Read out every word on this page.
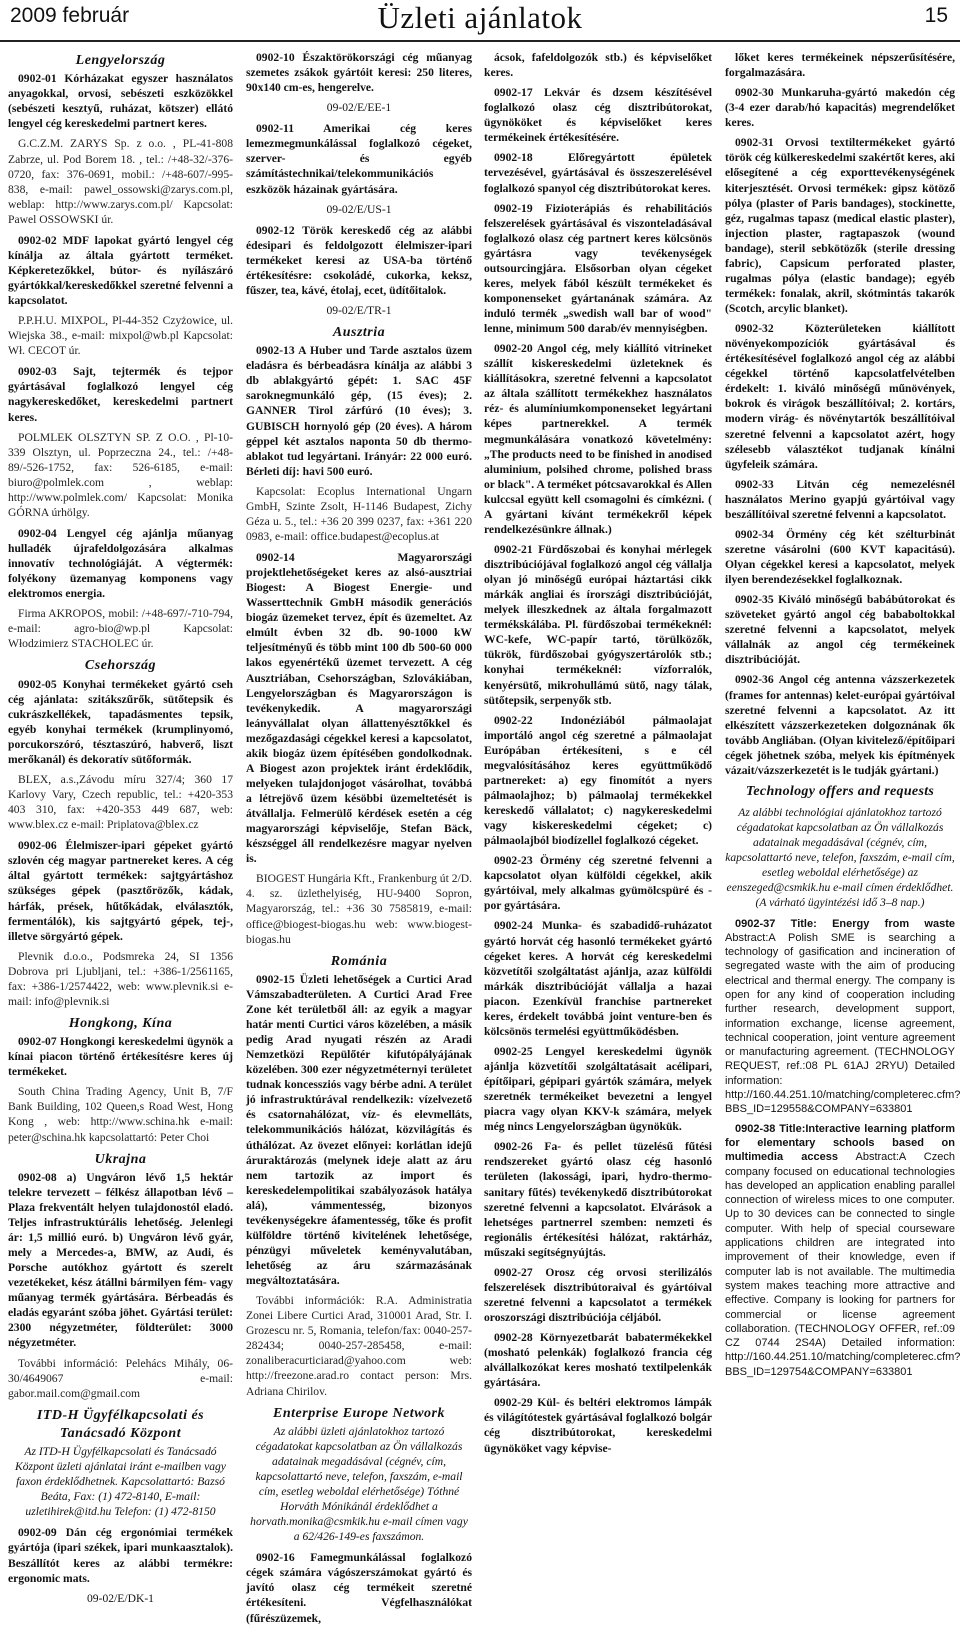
2009 február	Üzleti ajánlatok	15
Lengyelország
0902-01 Kórházakat egyszer használatos anyagokkal, orvosi, sebészeti eszközökkel (sebészeti kesztyű, ruházat, kötszer) ellátó lengyel cég kereskedelmi partnert keres.
G.C.Z.M. ZARYS Sp. z o.o. , PL-41-808 Zabrze, ul. Pod Borem 18. , tel.: /+48-32/-376-0720, fax: 376-0691, mobil.: /+48-607/-995-838, e-mail: pawel_ossowski@zarys.com.pl, weblap: http://www.zarys.com.pl/ Kapcsolat: Pawel OSSOWSKI úr.
0902-02 MDF lapokat gyártó lengyel cég kínálja az általa gyártott terméket. Képkeretezőkkel, bútor- és nyílászáró gyártókkal/kereskedőkkel szeretné felvenni a kapcsolatot.
P.P.H.U. MIXPOL, Pl-44-352 Czyżowice, ul. Wiejska 38., e-mail: mixpol@wb.pl Kapcsolat: Wł. CECOT úr.
0902-03 Sajt, tejtermék és tejpor gyártásával foglalkozó lengyel cég nagykereskedőket, kereskedelmi partnert keres.
POLMLEK OLSZTYN SP. Z O.O. , Pl-10-339 Olsztyn, ul. Poprzeczna 24., tel.: /+48-89/-526-1752, fax: 526-6185, e-mail: biuro@polmlek.com , weblap: http://www.polmlek.com/ Kapcsolat: Monika GÓRNA úrhölgy.
0902-04 Lengyel cég ajánlja műanyag hulladék újrafeldolgozására alkalmas innovatív technológiáját. A végtermék: folyékony üzemanyag komponens vagy elektromos energia.
Firma AKROPOS, mobil: /+48-697/-710-794, e-mail: agro-bio@wp.pl Kapcsolat: Włodzimierz STACHOLEC úr.
Csehország
0902-05 Konyhai termékeket gyártó cseh cég ajánlata: szitákszűrők, sütőtepsik és cukrászkellékek, tapadásmentes tepsik, egyéb konyhai termékek (krumplinyomó, porcukorszóró, tésztaszúró, habverő, liszt merőkanál) és dekoratív sütőformák.
BLEX, a.s.,Závodu míru 327/4; 360 17 Karlovy Vary, Czech republic, tel.: +420-353 403 310, fax: +420-353 449 687, web: www.blex.cz e-mail: Priplatova@blex.cz
0902-06 Élelmiszer-ipari gépeket gyártó szlovén cég magyar partnereket keres. A cég által gyártott termékek: sajtgyártáshoz szükséges gépek (pasztőrözők, kádak, hárfák, prések, hűtőkádak, elválasztók, fermentálók), kis sajtgyártó gépek, tej-, illetve sörgyártó gépek.
Plevnik d.o.o., Podsmreka 24, SI 1356 Dobrova pri Ljubljani, tel.: +386-1/2561165, fax: +386-1/2574422, web: www.plevnik.si e-mail: info@plevnik.si
Hongkong, Kína
0902-07 Hongkongi kereskedelmi ügynök a kínai piacon történő értékesítésre keres új termékeket.
South China Trading Agency, Unit B, 7/F Bank Building, 102 Queen,s Road West, Hong Kong , web: http://www.schina.hk e-mail: peter@schina.hk kapcsolattartó: Peter Choi
Ukrajna
0902-08 a) Ungváron lévő 1,5 hektár telekre tervezett – félkész állapotban lévő – Plaza frekventált helyen tulajdonostól eladó. Teljes infrastruktúrális lehetőség. Jelenlegi ár: 1,5 millió euró. b) Ungváron lévő gyár, mely a Mercedes-a, BMW, az Audi, és Porsche autókhoz gyártott és szerelt vezetékeket, kész átállni bármilyen fém- vagy műanyag termék gyártására. Bérbeadás és eladás egyaránt szóba jöhet. Gyártási terület: 2300 négyzetméter, földterület: 3000 négyzetméter.
További információ: Pelehács Mihály, 06-30/4649067 e-mail: gabor.mail.com@gmail.com
ITD-H Ügyfélkapcsolati és Tanácsadó Központ
Az ITD-H Ügyfélkapcsolati és Tanácsadó Központ üzleti ajánlatai iránt e-mailben vagy faxon érdeklődhetnek. Kapcsolattartó: Bazsó Beáta, Fax: (1) 472-8140, E-mail: uzletihirek@itd.hu Telefon: (1) 472-8150
0902-09 Dán cég ergonómiai termékek gyártója (ipari székek, ipari munkaasztalok). Beszállítót keres az alábbi termékre: ergonomic mats.
09-02/E/DK-1
0902-10 Északtörökországi cég műanyag szemetes zsákok gyártóit keresi: 250 literes, 90x140 cm-es, hengerelve.
09-02/E/EE-1
0902-11 Amerikai cég keres lemezmegmunkálással foglalkozó cégeket, szerver- és egyéb számítástechnikai/telekommunikációs eszközök házainak gyártására.
09-02/E/US-1
0902-12 Török kereskedő cég az alábbi édesipari és feldolgozott élelmiszer-ipari termékeket keresi az USA-ba történő értékesítésre: csokoládé, cukorka, keksz, fűszer, tea, kávé, étolaj, ecet, üdítőitalok.
09-02/E/TR-1
Ausztria
0902-13 A Huber und Tarde asztalos üzem eladásra és bérbeadásra kínálja az alábbi 3 db ablakgyártó gépét: 1. SAC 45F saroknegmunkáló gép, (15 éves); 2. GANNER Tirol zárfúró (10 éves); 3. GUBISCH hornyoló gép (20 éves). A három géppel két asztalos naponta 50 db thermo-ablakot tud legyártani. Irányár: 22 000 euró. Bérleti díj: havi 500 euró.
Kapcsolat: Ecoplus International Ungarn GmbH, Szinte Zsolt, H-1146 Budapest, Zichy Géza u. 5., tel.: +36 20 399 0237, fax: +361 220 0983, e-mail: office.budapest@ecoplus.at
0902-14 Magyarországi projektlehetőségeket keres az alsó-ausztriai Biogest: A Biogest Energie- und Wasserttechnik GmbH második generációs biogáz üzemeket tervez, épít és üzemeltet. Az elmúlt évben 32 db. 90-1000 kW teljesítményű és több mint 100 db 500-60 000 lakos egyenértékű üzemet tervezett. A cég Ausztriában, Csehországban, Szlovákiában, Lengyelországban és Magyarországon is tevékenykedik. A magyarországi leányvállalat olyan állattenyésztőkkel és mezőgazdasági cégekkel keresi a kapcsolatot, akik biogáz üzem építésében gondolkodnak. A Biogest azon projektek iránt érdeklődik, melyeken tulajdonjogot vásárolhat, továbbá a létrejövő üzem késöbbi üzemeltetését is átvállalja. Felmerülő kérdések esetén a cég magyarországi képviselője, Stefan Bäck, készséggel áll rendelkezésre magyar nyelven is.
BIOGEST Hungária Kft., Frankenburg út 2/D. 4. sz. üzlethelyiség, HU-9400 Sopron, Magyarország, tel.: +36 30 7585819, e-mail: office@biogest-biogas.hu web: www.biogest-biogas.hu
Románia
0902-15 Üzleti lehetőségek a Curtici Arad Vámszabadterületen. A Curtici Arad Free Zone két területből áll: az egyik a magyar határ menti Curtici város közelében, a másik pedig Arad nyugati részén az Aradi Nemzetközi Repülőtér kifutópályájának közelében. 300 ezer négyzetméternyi területet tudnak koncessziós vagy bérbe adni. A terület jó infrastruktúrával rendelkezik: vízelvezető és csatornahálózat, víz- és elevmelláts, telekommunikációs hálózat, közvilágítás és úthálózat. Az övezet előnyei: korlátlan idejű áruraktározás (melynek ideje alatt az áru nem tartozik az import és kereskedelempolitikai szabályozások hatálya alá), vámmentesség, bizonyos tevékenységekre áfamentesség, tőke és profit külföldre történő kivitelének lehetősége, pénzügyi műveletek keményvalutában, lehetőség az áru származásának megváltoztatására.
További információk: R.A. Administratia Zonei Libere Curtici Arad, 310001 Arad, Str. I. Grozescu nr. 5, Romania, telefon/fax: 0040-257-282434; 0040-257-285458, e-mail: zonaliberacurticiarad@yahoo.com web: http://freezone.arad.ro contact person: Mrs. Adriana Chirilov.
Enterprise Europe Network
Az alábbi üzleti ajánlatokhoz tartozó cégadatokat kapcsolatban az Ön vállalkozás adatainak megadásával (cégnév, cím, kapcsolattartó neve, telefon, faxszám, e-mail cím, esetleg weboldal elérhetősége) Tóthné Horváth Mónikánál érdeklődhet a horvath.monika@csmkik.hu e-mail címen vagy a 62/426-149-es faxszámon.
0902-16 Famegmunkálással foglalkozó cégek számára vágószerszámokat gyártó és javító olasz cég termékeit szeretné értékesíteni. Végfelhasználókat (fűrészüzemek,
ácsok, fafeldolgozók stb.) és képviselőket keres.
0902-17 Lekvár és dzsem készítésével foglalkozó olasz cég disztribútorokat, ügynököket és képviselőket keres termékeinek értékesítésére.
0902-18 Előregyártott épületek tervezésével, gyártásával és összeszerelésével foglalkozó spanyol cég disztribútorokat keres.
0902-19 Fizioterápiás és rehabilitációs felszerelések gyártásával és viszonteladásával foglalkozó olasz cég partnert keres kölcsönös gyártásra vagy tevékenységek outsourcingjára. Elsősorban olyan cégeket keres, melyek fából készült termékeket és komponenseket gyártanának számára. Az induló termék „swedish wall bar of wood" lenne, minimum 500 darab/év mennyiségben.
0902-20 Angol cég, mely kiállító vitrineket szállít kiskereskedelmi üzleteknek és kiállításokra, szeretné felvenni a kapcsolatot az általa szállított termékekhez használatos réz- és alumíniumkomponenseket legyártani képes partnerekkel. A termék megmunkálására vonatkozó követelmény: „The products need to be finished in anodised aluminium, polsihed chrome, polished brass or black". A terméket pótcsavarokkal és Allen kulccsal együtt kell csomagolni és címkézni. ( A gyártani kívánt termékekről képek rendelkezésünkre állnak.)
0902-21 Fürdőszobai és konyhai mérlegek disztribúciójával foglalkozó angol cég vállalja olyan jó minőségű európai háztartási cikk márkák angliai és írországi disztribúcióját, melyek illeszkednek az általa forgalmazott termékskálába. Pl. fürdőszobai termékeknél: WC-kefe, WC-papír tartó, törülközők, tükrök, fürdőszobai gyógyszertárolók stb.; konyhai termékeknél: vízforralók, kenyérsütő, mikrohullámú sütő, nagy tálak, sütőtepsik, serpenyők stb.
0902-22 Indonéziából pálmaolajat importáló angol cég szeretné a pálmaolajat Európában értékesíteni, s e cél megvalósításához keres együttműködő partnereket: a) egy finomítót a nyers pálmaolajhoz; b) pálmaolaj termékekkel kereskedő vállalatot; c) nagykereskedelmi vagy kiskereskedelmi cégeket; c) pálmaolajból biodízellel foglalkozó cégeket.
0902-23 Örmény cég szeretné felvenni a kapcsolatot olyan külföldi cégekkel, akik gyártóival, mely alkalmas gyümölcspüré és -por gyártására.
0902-24 Munka- és szabadidő-ruházatot gyártó horvát cég hasonló termékeket gyártó cégeket keres. A horvát cég kereskedelmi közvetítői szolgáltatást ajánlja, azaz külföldi márkák disztribúcióját vállalja a hazai piacon. Ezenkívül franchise partnereket keres, érdekelt továbbá joint venture-ben és kölcsönös termelési együttműködésben.
0902-25 Lengyel kereskedelmi ügynök ajánlja közvetítői szolgáltatásait acélipari, építőipari, gépipari gyártók számára, melyek szeretnék termékeiket bevezetni a lengyel piacra vagy olyan KKV-k számára, melyek még nincs Lengyelországban ügynökük.
0902-26 Fa- és pellet tüzelésű fűtési rendszereket gyártó olasz cég hasonló területen (lakossági, ipari, hydro-thermo-sanitary fűtés) tevékenykedő disztribútorokat szeretné felvenni a kapcsolatot. Elvárások a lehetséges partnerrel szemben: nemzeti és regionális értékesítési hálózat, raktárház, műszaki segítségnyújtás.
0902-27 Orosz cég orvosi sterilizálós felszerelések disztribútoraival és gyártóival szeretné felvenni a kapcsolatot a termékek oroszországi disztribúciója céljából.
0902-28 Környezetbarát babatermékekkel (mosható pelenkák) foglalkozó francia cég alvállalkozókat keres mosható textilpelenkák gyártására.
0902-29 Kül- és beltéri elektromos lámpák és világítótestek gyártásával foglalkozó bolgár cég disztribútorokat, kereskedelmi ügynököket vagy képvise-
lőket keres termékeinek népszerűsítésére, forgalmazására.
0902-30 Munkaruha-gyártó makedón cég (3-4 ezer darab/hó kapacitás) megrendelőket keres.
0902-31 Orvosi textiltermékeket gyártó török cég külkereskedelmi szakértőt keres, aki elősegítené a cég exporttevékenységének kiterjesztését. Orvosi termékek: gipsz kötöző pólya (plaster of Paris bandages), stockinette, géz, rugalmas tapasz (medical elastic plaster), injection plaster, ragtapaszok (wound bandage), steril sebkötözők (sterile dressing fabric), Capsicum perforated plaster, rugalmas pólya (elastic bandage); egyéb termékek: fonalak, akril, skótmintás takarók (Scotch, arcylic blanket).
0902-32 Közterületeken kiállított növényekompozíciók gyártásával és értékesítésével foglalkozó angol cég az alábbi cégekkel történő kapcsolatfelvételben érdekelt: 1. kiváló minőségű műnövények, bokrok és virágok beszállítóival; 2. kortárs, modern virág- és növénytartók beszállítóival szeretné felvenni a kapcsolatot azért, hogy szélesebb választékot tudjanak kínálni ügyfeleik számára.
0902-33 Litván cég nemezelésnél használatos Merino gyapjú gyártóival vagy beszállítóival szeretné felvenni a kapcsolatot.
0902-34 Örmény cég két szélturbinát szeretne vásárolni (600 KVT kapacitású). Olyan cégekkel keresi a kapcsolatot, melyek ilyen berendezésekkel foglalkoznak.
0902-35 Kiváló minőségű babábútorokat és szöveteket gyártó angol cég bababoltokkal szeretné felvenni a kapcsolatot, melyek vállalnák az angol cég termékeinek disztribúcióját.
0902-36 Angol cég antenna vázszerkezetek (frames for antennas) kelet-európai gyártóival szeretné felvenni a kapcsolatot. Az itt elkészített vázszerkezeteken dolgoznának ők tovább Angliában. (Olyan kivitelező/építőipari cégek jöhetnek szóba, melyek kis építmények vázait/vázszerkezetét is le tudják gyártani.)
Technology offers and requests
Az alábbi technológiai ajánlatokhoz tartozó cégadatokat kapcsolatban az Ön vállalkozás adatainak megadásával (cégnév, cím, kapcsolattartó neve, telefon, faxszám, e-mail cím, esetleg weboldal elérhetősége) az eenszeged@csmkik.hu e-mail címen érdeklődhet. (A várható ügyintézési idő 3–8 nap.)
0902-37 Title: Energy from waste Abstract:A Polish SME is searching a technology of gasification and incineration of segregated waste with the aim of producing electrical and thermal energy. The company is open for any kind of cooperation including further research, development support, information exchange, license agreement, technical cooperation, joint venture agreement or manufacturing agreement. (TECHNOLOGY REQUEST, ref.:08 PL 61AJ 2RYU) Detailed information: http://160.44.251.10/matching/completerec.cfm?BBS_ID=129558&COMPANY=633801
0902-38 Title:Interactive learning platform for elementary schools based on multimedia access Abstract:A Czech company focused on educational technologies has developed an application enabling parallel connection of wireless mices to one computer. Up to 30 devices can be connected to single computer. With help of special courseware applications children are integrated into improvement of their knowledge, even if computer lab is not available. The multimedia system makes teaching more attractive and effective. Company is looking for partners for commercial or license agreement collaboration. (TECHNOLOGY OFFER, ref.:09 CZ 0744 2S4A) Detailed information: http://160.44.251.10/matching/completerec.cfm?BBS_ID=129754&COMPANY=633801
